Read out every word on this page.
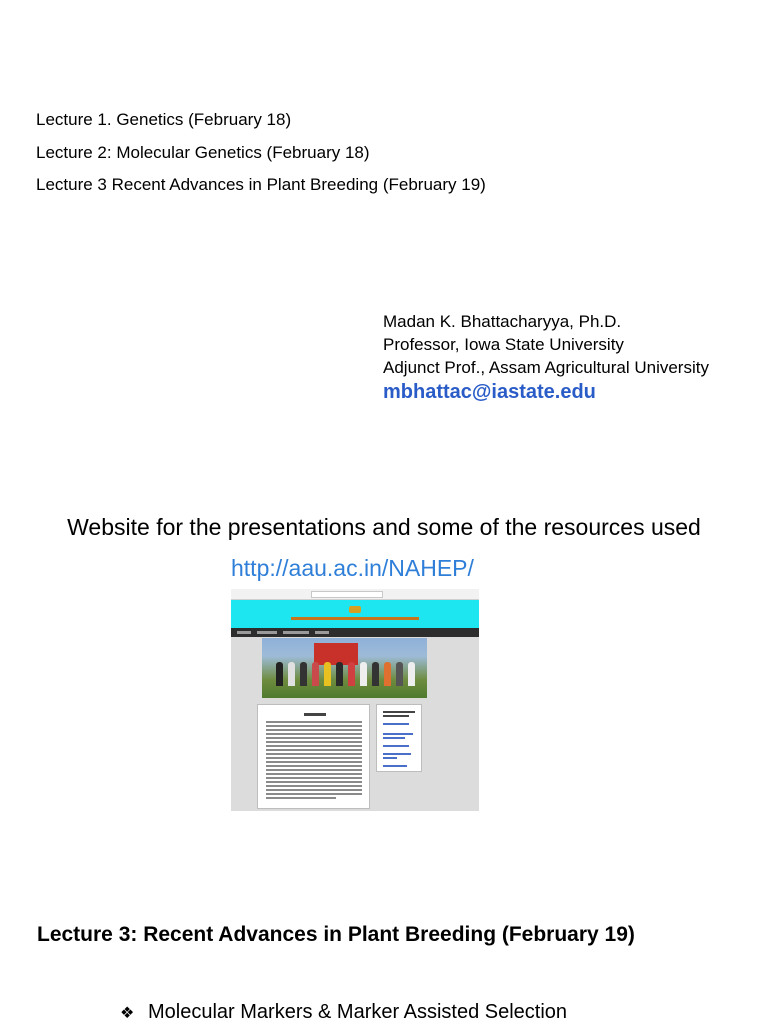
Lecture 1. Genetics (February 18)
Lecture 2: Molecular Genetics (February 18)
Lecture 3 Recent Advances in Plant Breeding (February 19)
Madan K. Bhattacharyya, Ph.D.
Professor, Iowa State University
Adjunct Prof., Assam Agricultural University
mbhattac@iastate.edu
Website for the presentations and some of the resources used
http://aau.ac.in/NAHEP/
Lecture 3: Recent Advances in Plant Breeding (February 19)
❖ Molecular Markers & Marker Assisted Selection
